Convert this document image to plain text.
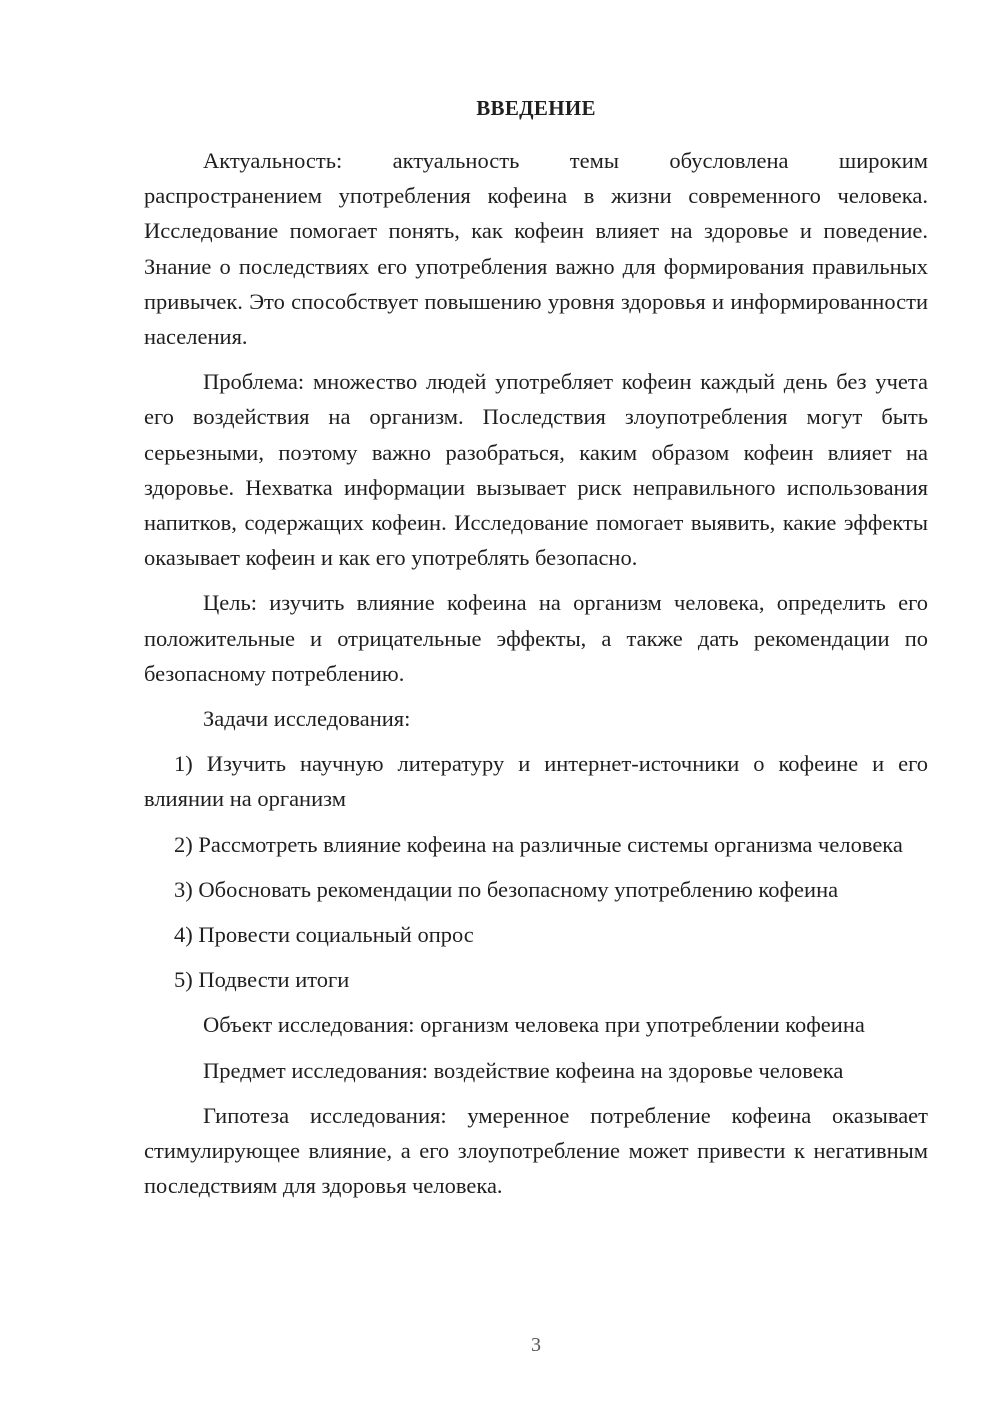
ВВЕДЕНИЕ

Актуальность: актуальность темы обусловлена широким распространением употребления кофеина в жизни современного человека. Исследование помогает понять, как кофеин влияет на здоровье и поведение. Знание о последствиях его употребления важно для формирования правильных привычек. Это способствует повышению уровня здоровья и информированности населения.

Проблема: множество людей употребляет кофеин каждый день без учета его воздействия на организм. Последствия злоупотребления могут быть серьезными, поэтому важно разобраться, каким образом кофеин влияет на здоровье. Нехватка информации вызывает риск неправильного использования напитков, содержащих кофеин. Исследование помогает выявить, какие эффекты оказывает кофеин и как его употреблять безопасно.

Цель: изучить влияние кофеина на организм человека, определить его положительные и отрицательные эффекты, а также дать рекомендации по безопасному потреблению.

Задачи исследования:

1) Изучить научную литературу и интернет-источники о кофеине и его влиянии на организм

2) Рассмотреть влияние кофеина на различные системы организма человека

3) Обосновать рекомендации по безопасному употреблению кофеина

4) Провести социальный опрос

5) Подвести итоги

Объект исследования: организм человека при употреблении кофеина

Предмет исследования: воздействие кофеина на здоровье человека

Гипотеза исследования: умеренное потребление кофеина оказывает стимулирующее влияние, а его злоупотребление может привести к негативным последствиям для здоровья человека.

3
